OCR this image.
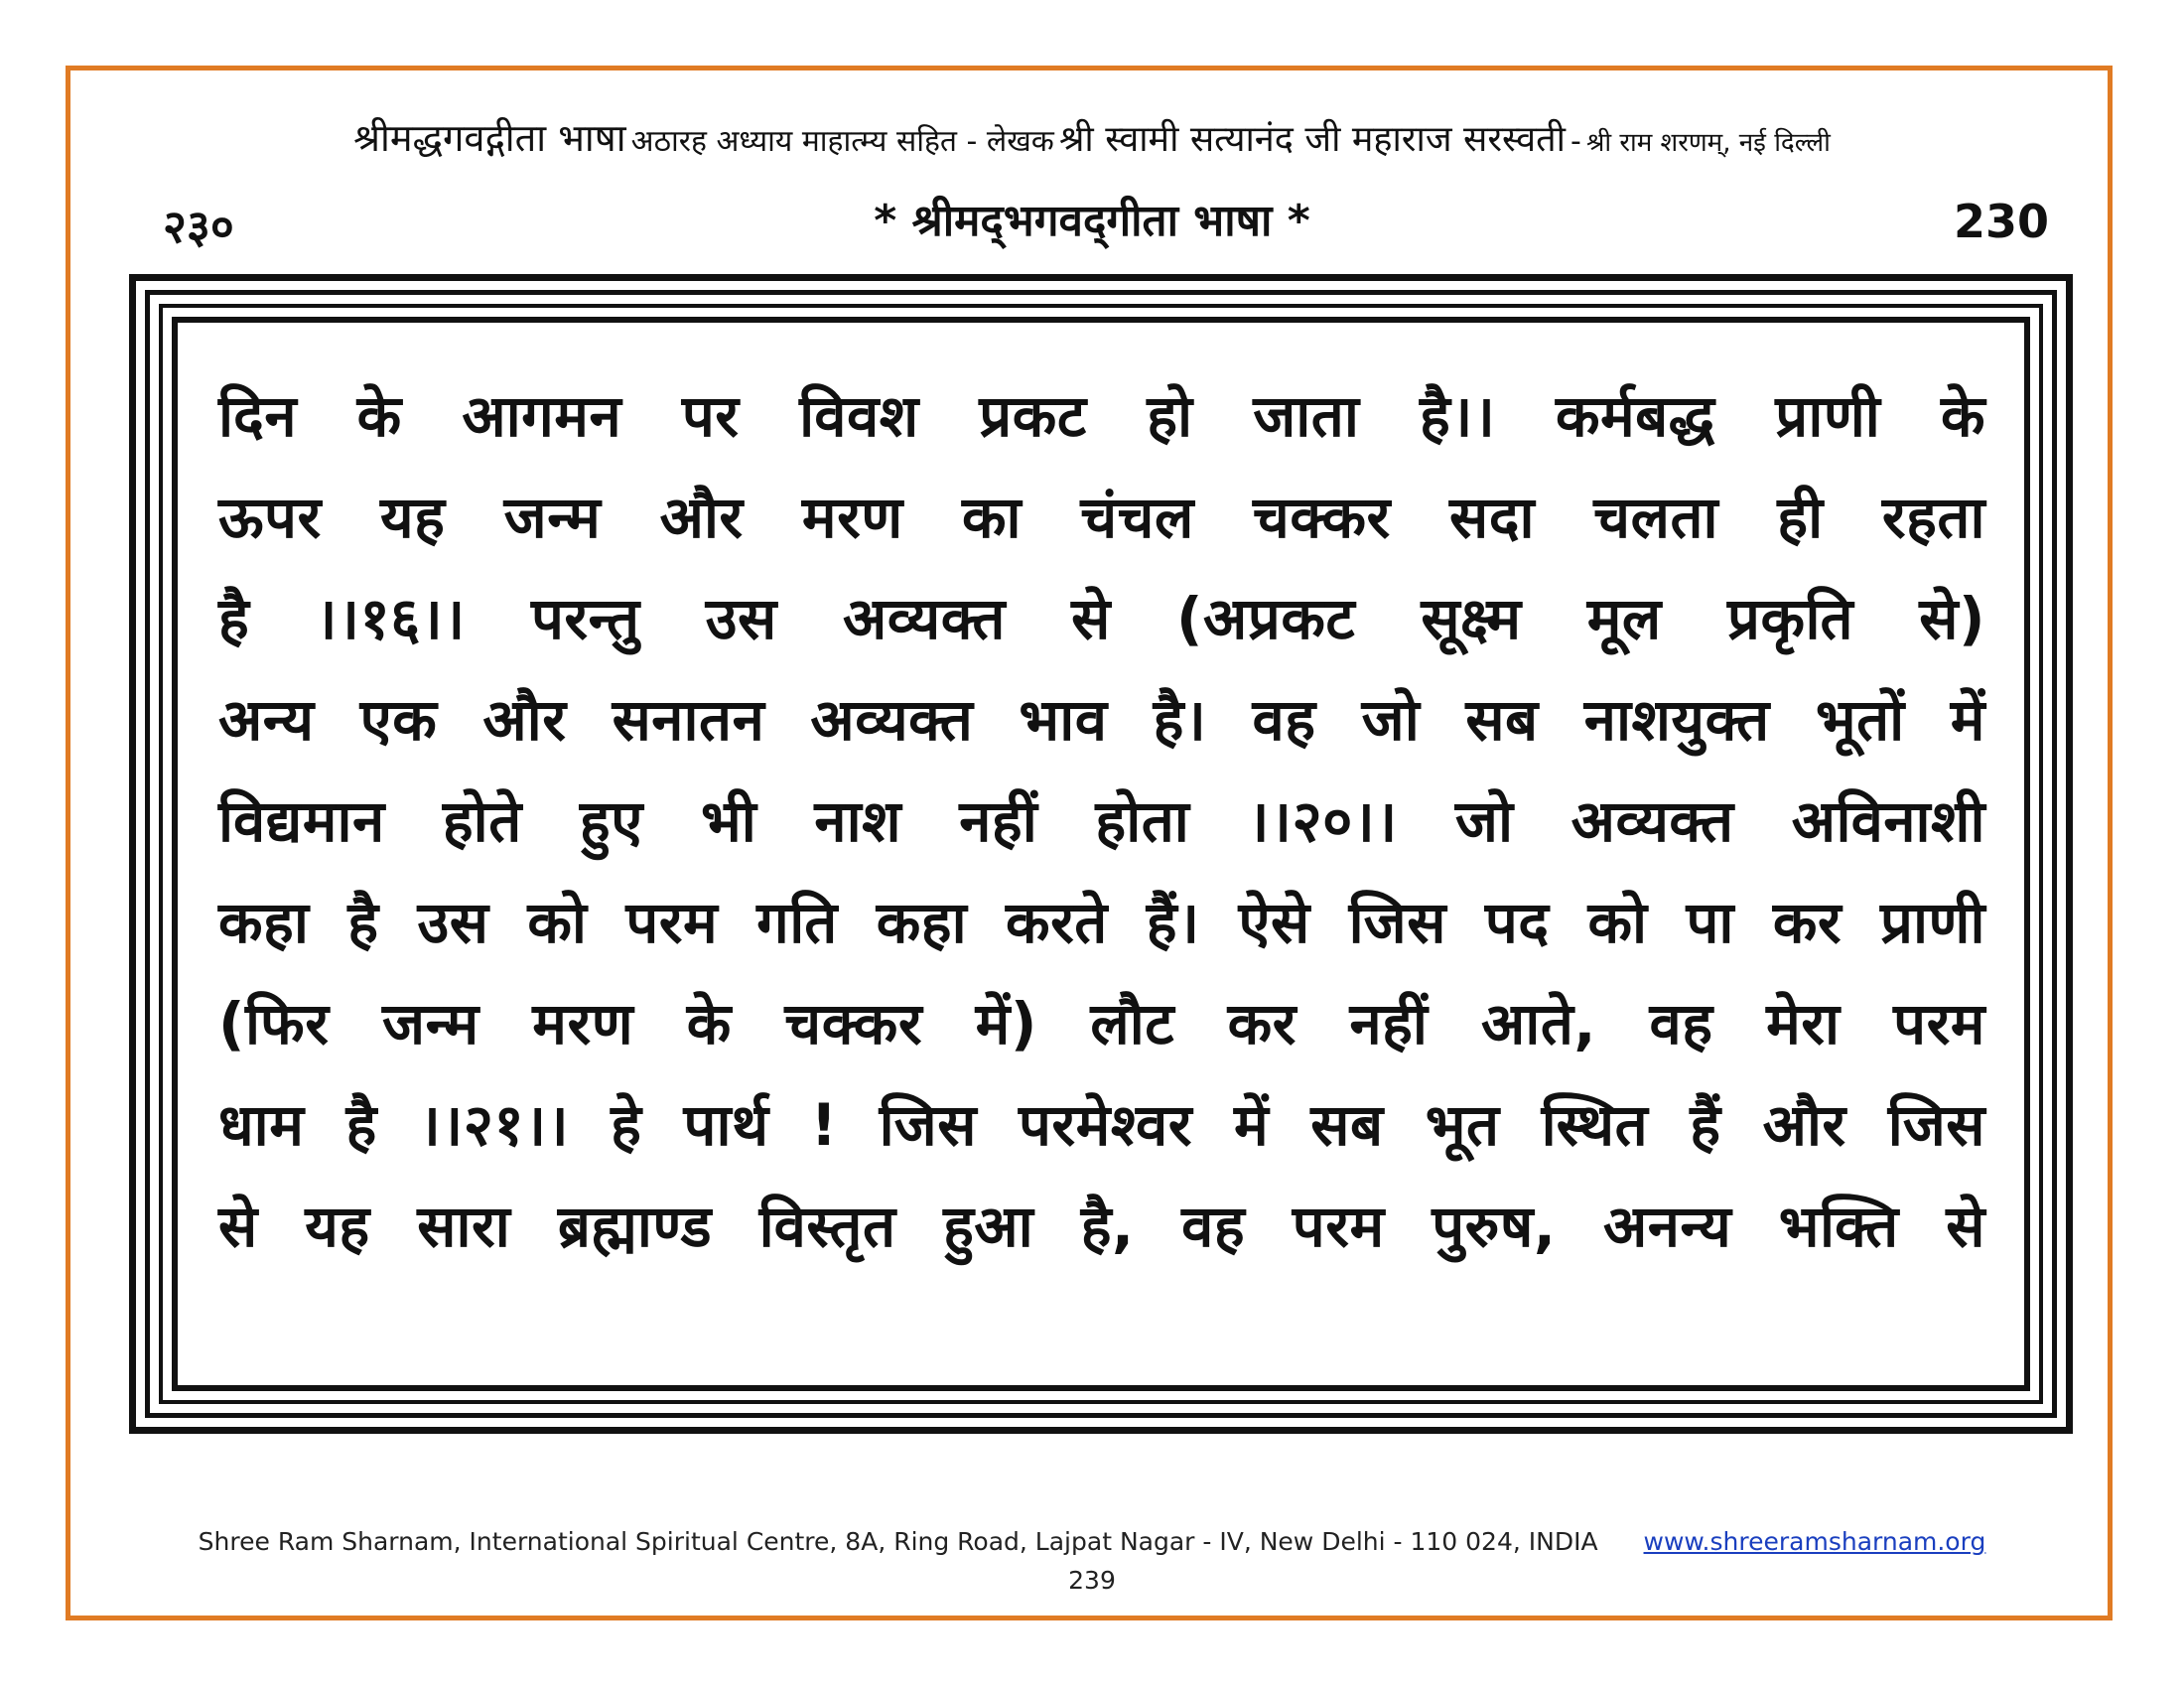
श्रीमद्धगवद्गीता भाषा अठारह अध्याय माहात्म्य सहित - लेखक श्री स्वामी सत्यानंद जी महाराज सरस्वती - श्री राम शरणम्, नई दिल्ली
२३०	* श्रीमद्‌भगवद्‌गीता भाषा *	230
दिन के आगमन पर विवश प्रकट हो जाता है।। कर्मबद्ध प्राणी के
ऊपर यह जन्म और मरण का चंचल चक्कर सदा चलता ही रहता
है ।।१६।। परन्तु उस अव्यक्त से (अप्रकट सूक्ष्म मूल प्रकृति से)
अन्य एक और सनातन अव्यक्त भाव है। वह जो सब नाशयुक्त भूतों में
विद्यमान होते हुए भी नाश नहीं होता ।।२०।। जो अव्यक्त अविनाशी
कहा है उस को परम गति कहा करते हैं। ऐसे जिस पद को पा कर प्राणी
(फिर जन्म मरण के चक्कर में) लौट कर नहीं आते, वह मेरा परम
धाम है ।।२१।। हे पार्थ ! जिस परमेश्वर में सब भूत स्थित हैं और जिस
से यह सारा ब्रह्माण्ड विस्तृत हुआ है, वह परम पुरुष, अनन्य भक्ति से
Shree Ram Sharnam, International Spiritual Centre, 8A, Ring Road, Lajpat Nagar - IV, New Delhi - 110 024, INDIA www.shreeramsharnam.org
239
